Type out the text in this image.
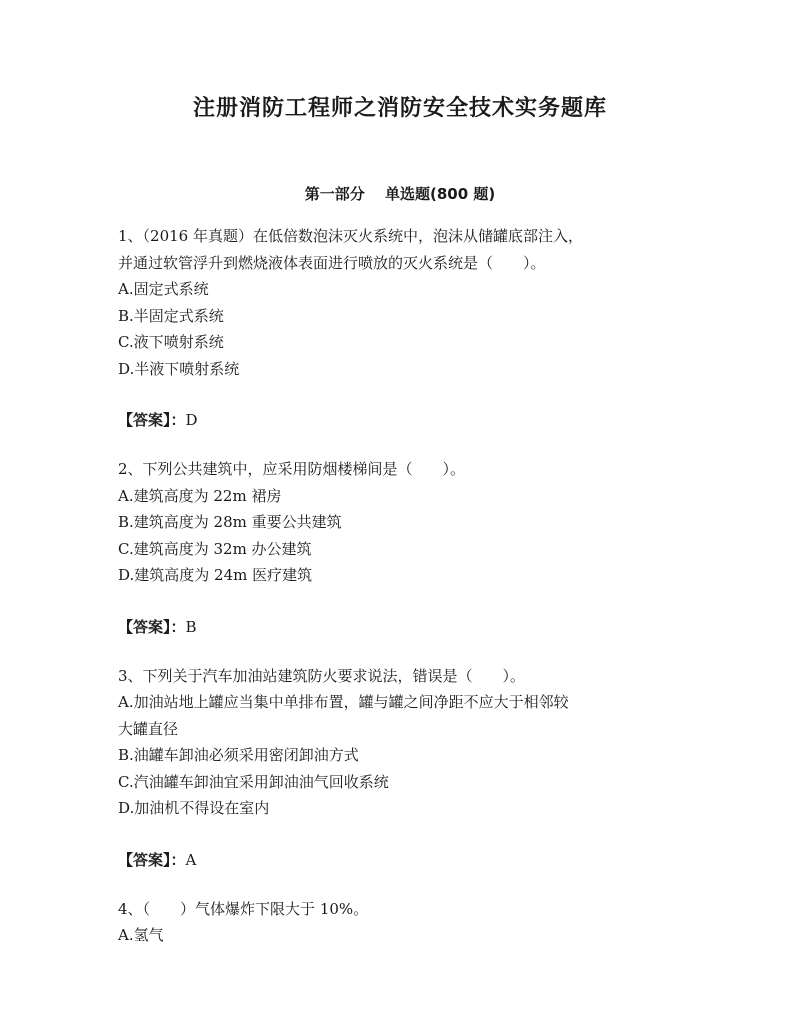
注册消防工程师之消防安全技术实务题库
第一部分　 单选题(800 题)
1、（2016 年真题）在低倍数泡沫灭火系统中，泡沫从储罐底部注入，
并通过软管浮升到燃烧液体表面进行喷放的灭火系统是（　　）。
A.固定式系统
B.半固定式系统
C.液下喷射系统
D.半液下喷射系统
【答案】：D
2、下列公共建筑中，应采用防烟楼梯间是（　　）。
A.建筑高度为 22m 裙房
B.建筑高度为 28m 重要公共建筑
C.建筑高度为 32m 办公建筑
D.建筑高度为 24m 医疗建筑
【答案】：B
3、下列关于汽车加油站建筑防火要求说法，错误是（　　）。
A.加油站地上罐应当集中单排布置，罐与罐之间净距不应大于相邻较
大罐直径
B.油罐车卸油必须采用密闭卸油方式
C.汽油罐车卸油宜采用卸油油气回收系统
D.加油机不得设在室内
【答案】：A
4、（　　）气体爆炸下限大于 10%。
A.氢气
